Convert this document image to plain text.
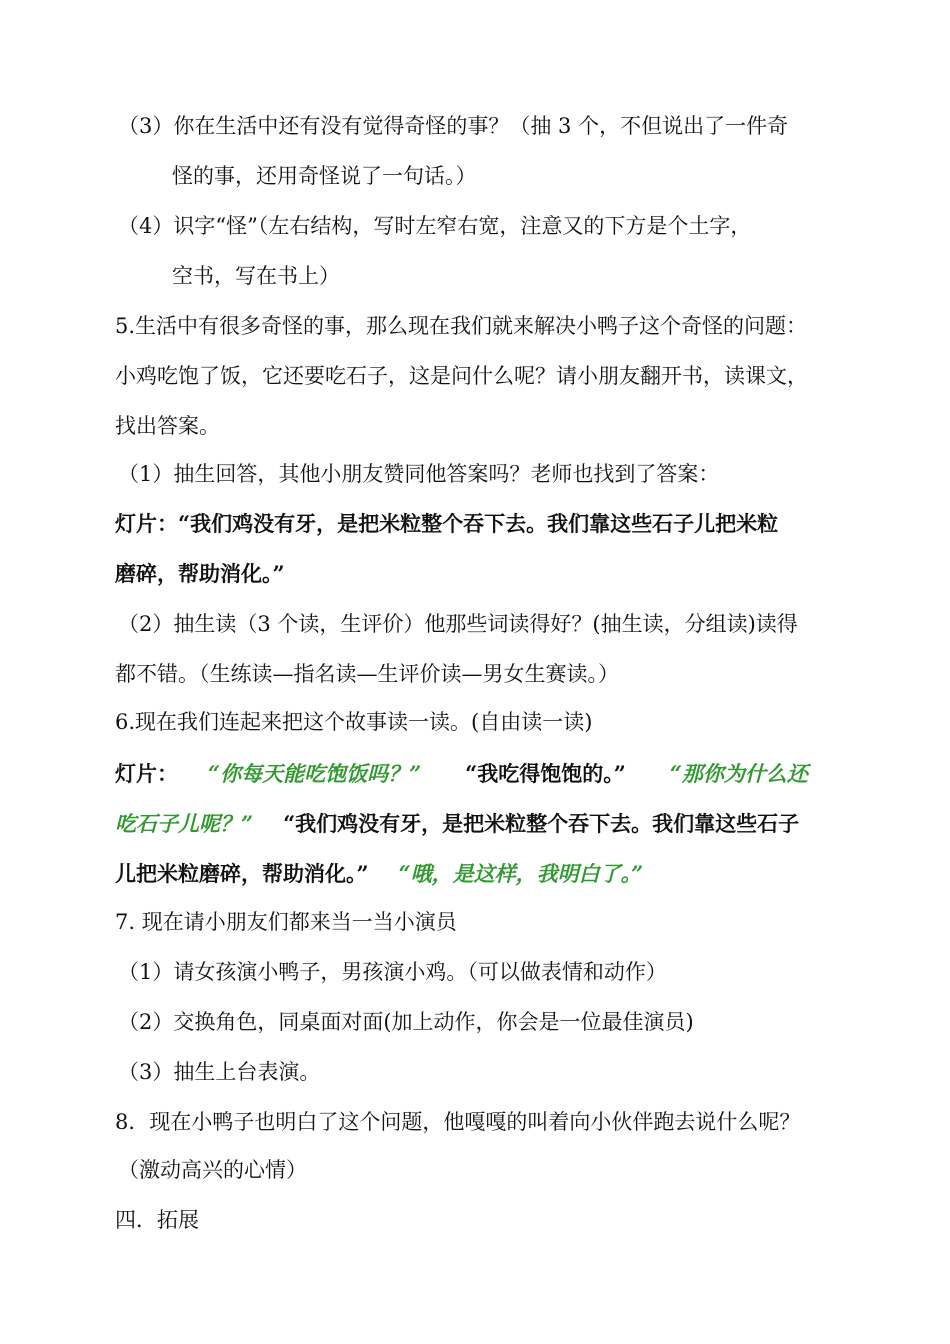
（3）你在生活中还有没有觉得奇怪的事？（抽 3 个，不但说出了一件奇
怪的事，还用奇怪说了一句话。）
（4）识字“怪”（左右结构，写时左窄右宽，注意又的下方是个土字，
空书，写在书上）
5.生活中有很多奇怪的事，那么现在我们就来解决小鸭子这个奇怪的问题：
小鸡吃饱了饭，它还要吃石子，这是问什么呢？请小朋友翻开书，读课文，
找出答案。
（1）抽生回答，其他小朋友赞同他答案吗？老师也找到了答案：
灯片：“我们鸡没有牙，是把米粒整个吞下去。我们靠这些石子儿把米粒
磨碎，帮助消化。”
（2）抽生读（3 个读，生评价）他那些词读得好？(抽生读，分组读)读得
都不错。（生练读—指名读—生评价读—男女生赛读。）
6.现在我们连起来把这个故事读一读。(自由读一读)
灯片： “你每天能吃饱饭吗？” “我吃得饱饱的。” “那你为什么还
吃石子儿呢？” “我们鸡没有牙，是把米粒整个吞下去。我们靠这些石子
儿把米粒磨碎，帮助消化。” “哦，是这样，我明白了。”
7. 现在请小朋友们都来当一当小演员
（1）请女孩演小鸭子，男孩演小鸡。（可以做表情和动作）
（2）交换角色，同桌面对面(加上动作，你会是一位最佳演员)
（3）抽生上台表演。
8．现在小鸭子也明白了这个问题，他嘎嘎的叫着向小伙伴跑去说什么呢？
（激动高兴的心情）
四．拓展
